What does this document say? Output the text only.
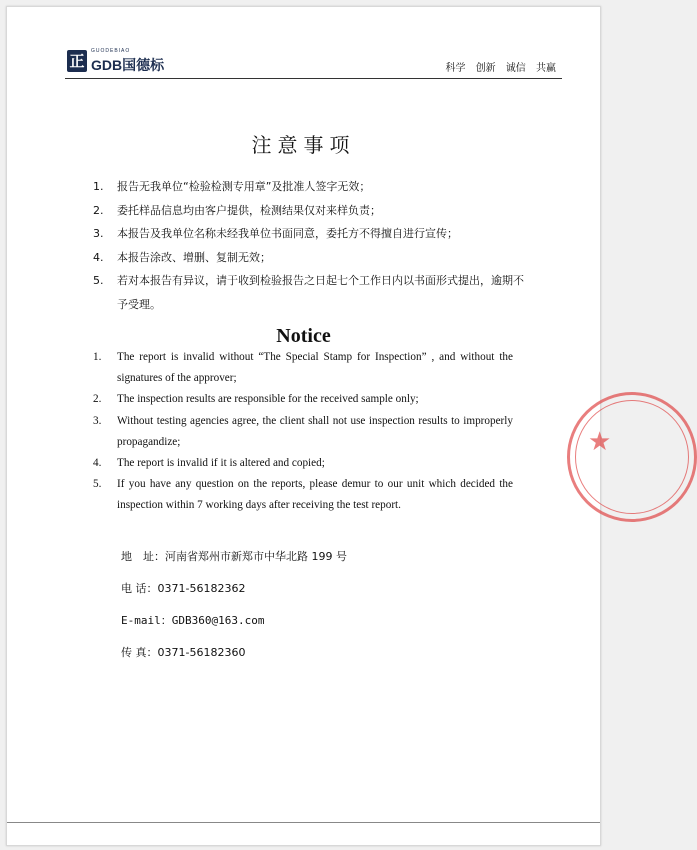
正
GUODEBIAO
GDB国德标	科学 创新 诚信 共赢
注意事项
1. 报告无我单位“检验检测专用章”及批准人签字无效；
2. 委托样品信息均由客户提供，检测结果仅对来样负责；
3. 本报告及我单位名称未经我单位书面同意，委托方不得擅自进行宣传；
4. 本报告涂改、增删、复制无效；
5. 若对本报告有异议，请于收到检验报告之日起七个工作日内以书面形式提出，逾期不予受理。
Notice
1. The report is invalid without “The Special Stamp for Inspection” , and without the signatures of the approver;
2. The inspection results are responsible for the received sample only;
3. Without testing agencies agree, the client shall not use inspection results to improperly propagandize;
4. The report is invalid if it is altered and copied;
5. If you have any question on the reports, please demur to our unit which decided the inspection within 7 working days after receiving the test report.
地　址：河南省郑州市新郑市中华北路 199 号
电 话：0371-56182362
E-mail：GDB360@163.com
传 真：0371-56182360
★
